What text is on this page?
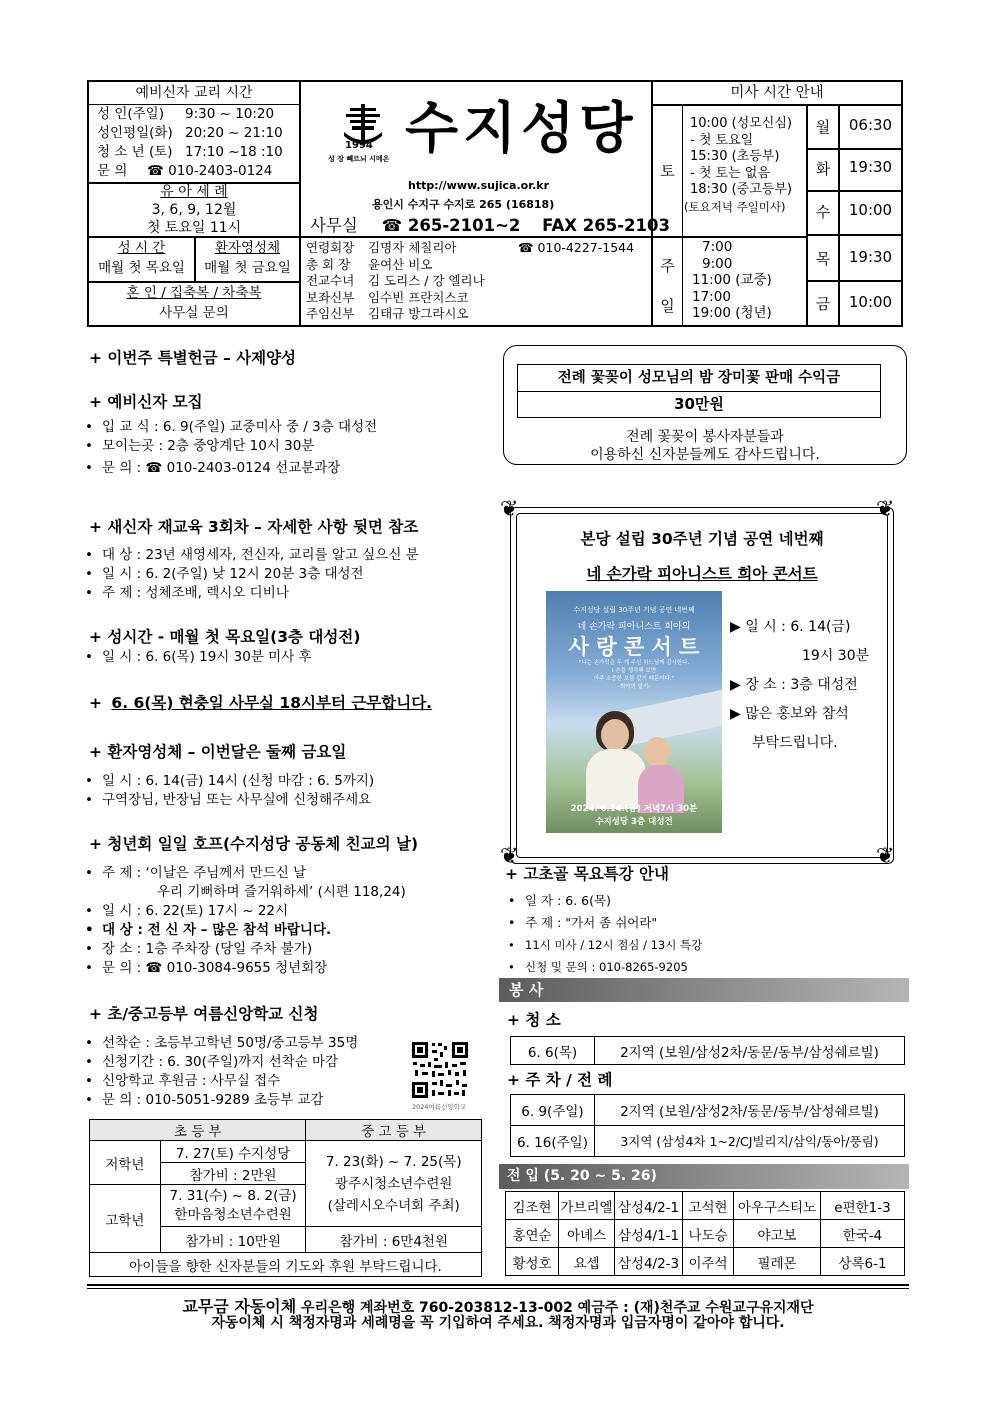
예비신자 교리 시간
성 인(주일) 9:30 ~ 10:20
성인평일(화) 20:20 ~ 21:10
청 소 년 (토) 17:10 ~18 :10
문 의 ☎ 010-2403-0124
유 아 세 례
3, 6, 9, 12월
첫 토요일 11시
성 시 간
매월 첫 목요일
환자영성체
매월 첫 금요일
혼 인 / 집축복 / 차축복
사무실 문의
1994
성 장 빼르뇌 시메온 수지성당
http://www.sujica.or.kr
용인시 수지구 수지로 265 (16818)
사무실 ☎ 265-2101~2 FAX 265-2103
연령회장 김명자 체칠리아	☎ 010-4227-1544
총 회 장 윤여산 비오
전교수녀 김 도리스 / 강 엘리나
보좌신부 임수빈 프란치스코
주임신부 김태규 방그라시오
미사 시간 안내
토
10:00 (성모신심)
- 첫 토요일
15:30 (초등부)
- 첫 토는 없음
18:30 (중고등부)
(토요저녁 주일미사)
주

일
7:00
9:00
11:00 (교중)
17:00
19:00 (청년)
월	06:30
화	19:30
수	10:00
목	19:30
금	10:00
+ 이번주 특별헌금 – 사제양성
+ 예비신자 모집
• 입 교 식 : 6. 9(주일) 교중미사 중 / 3층 대성전
• 모이는곳 : 2층 중앙계단 10시 30분
• 문 의 : ☎ 010-2403-0124 선교분과장
+ 새신자 재교육 3회차 – 자세한 사항 뒷면 참조
• 대 상 : 23년 새영세자, 전신자, 교리를 알고 싶으신 분
• 일 시 : 6. 2(주일) 낮 12시 20분 3층 대성전
• 주 제 : 성체조배, 렉시오 디비나
+ 성시간 - 매월 첫 목요일(3층 대성전)
• 일 시 : 6. 6(목) 19시 30분 미사 후
+ 6. 6(목) 현충일 사무실 18시부터 근무합니다.
+ 환자영성체 – 이번달은 둘째 금요일
• 일 시 : 6. 14(금) 14시 (신청 마감 : 6. 5까지)
• 구역장님, 반장님 또는 사무실에 신청해주세요
+ 청년회 일일 호프(수지성당 공동체 친교의 날)
• 주 제 : ‘이날은 주님께서 만드신 날
우리 기뻐하며 즐거워하세’ (시편 118,24)
• 일 시 : 6. 22(토) 17시 ~ 22시
• 대 상 : 전 신 자 – 많은 참석 바랍니다.
• 장 소 : 1층 주차장 (당일 주차 불가)
• 문 의 : ☎ 010-3084-9655 청년회장
+ 초/중고등부 여름신앙학교 신청
• 선착순 : 초등부고학년 50명/중고등부 35명
• 신청기간 : 6. 30(주일)까지 선착순 마감
• 신앙학교 후원금 : 사무실 접수
• 문 의 : 010-5051-9289 초등부 교감	2024여름신앙학교
초 등 부		중 고 등 부
저학년	7. 27(토) 수지성당	7. 23(화) ~ 7. 25(목)
광주시청소년수련원
(살레시오수녀회 주최)

	참가비 : 2만원	
고학년	7. 31(수) ~ 8. 2(금)
한마음청소년수련원	

	참가비 : 10만원	참가비 : 6만4천원
아이들을 향한 신자분들의 기도와 후원 부탁드립니다.		
전례 꽃꽂이 성모님의 밤 장미꽃 판매 수익금
30만원
전례 꽃꽂이 봉사자분들과
이용하신 신자분들께도 감사드립니다.
❦	❦
❦	❦
본당 설립 30주년 기념 공연 네번째
네 손가락 피아니스트 희아 콘서트
수지성당 설립 30주년 기념 공연 네번째
네 손가락 피아니스트 희아의
사 랑 콘 서 트
"나는 손가락을 두 개 주신 하느님께 감사한다.
I 손을 생각해 보면
아주 소중한 보물 같기 때문이다."
-희아의 일기-
2024. 6.14.(금) 저녁7시 30분
수지성당 3층 대성전
▶ 일 시 : 6. 14(금)
19시 30분
▶ 장 소 : 3층 대성전
▶ 많은 홍보와 참석
부탁드립니다.
+ 고초골 목요특강 안내
• 일 자 : 6. 6(목)
• 주 제 : "가서 좀 쉬어라"
• 11시 미사 / 12시 점심 / 13시 특강
• 신청 및 문의 : 010-8265-9205
봉 사
+ 청 소
6. 6(목)	2지역 (보원/삼성2차/동문/동부/삼성쉐르빌)
+ 주 차 / 전 례
6. 9(주일)	2지역 (보원/삼성2차/동문/동부/삼성쉐르빌)
6. 16(주일)	3지역 (삼성4차 1~2/CJ빌리지/삼익/동아/풍림)
전 입 (5. 20 ~ 5. 26)
김조현	가브리엘	삼성4/2-1	고석현	아우구스티노	e편한1-3
홍연순	아녜스	삼성4/1-1	나도승	야고보	한국-4
황성호	요셉	삼성4/2-3	이주석	필레몬	상록6-1
교무금 자동이체 우리은행 계좌번호 760-203812-13-002 예금주 : (재)천주교 수원교구유지재단
자동이체 시 책정자명과 세례명을 꼭 기입하여 주세요. 책정자명과 입금자명이 같아야 합니다.
